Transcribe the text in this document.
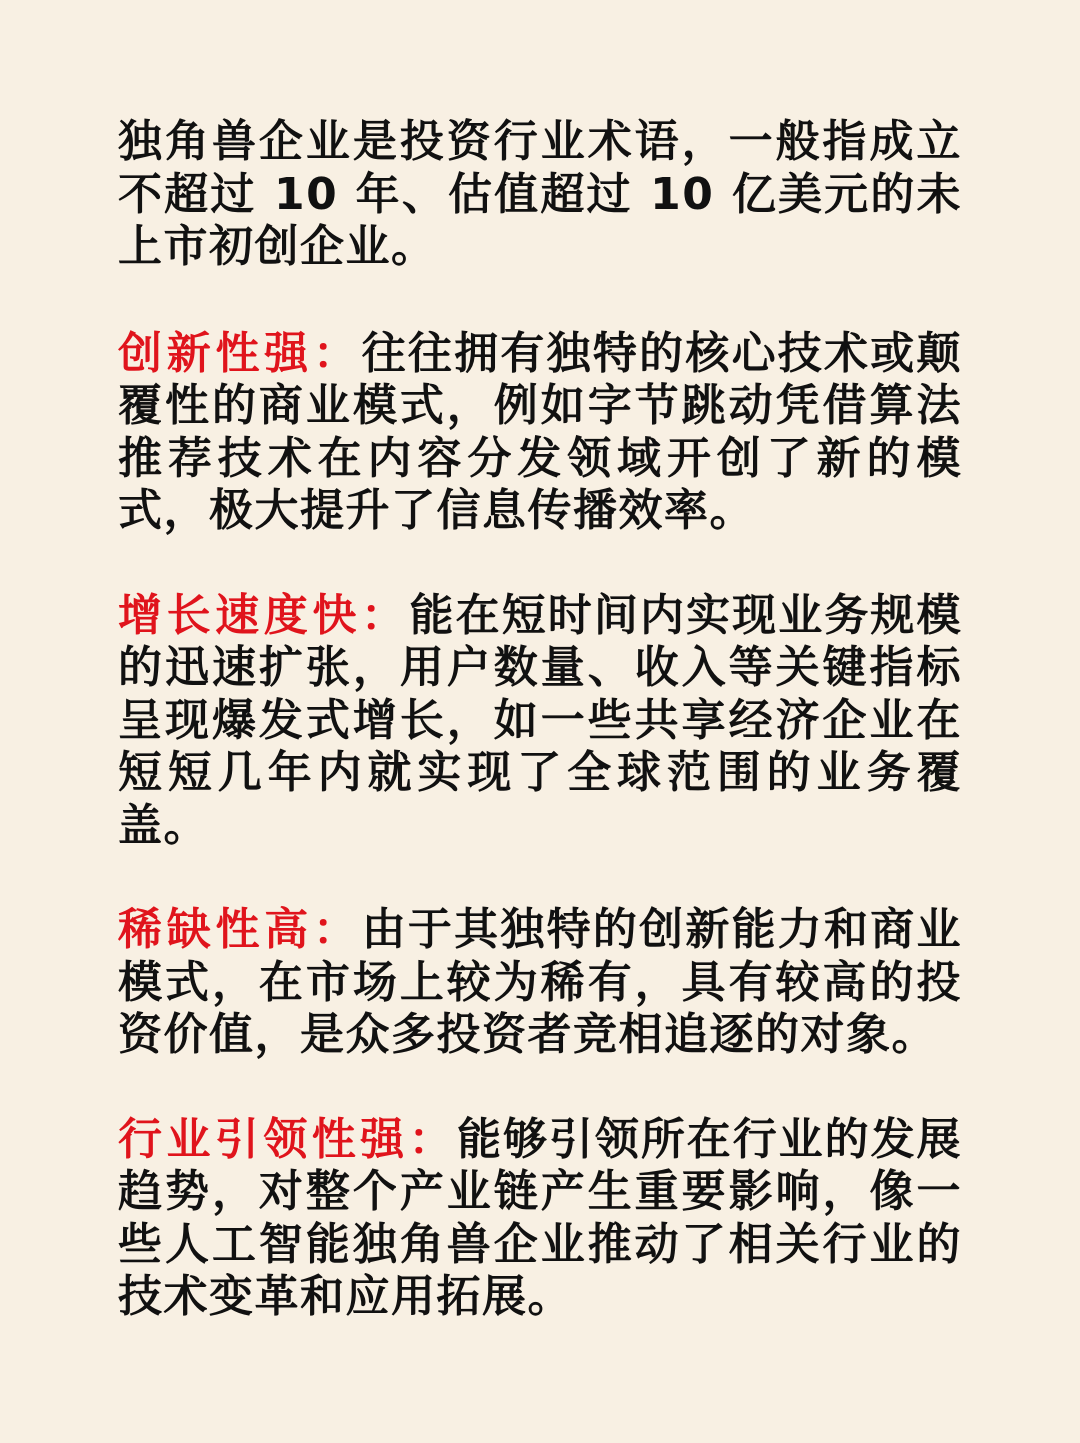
独角兽企业是投资行业术语，一般指成立不超过 10 年、估值超过 10 亿美元的未上市初创企业。

创新性强：往往拥有独特的核心技术或颠覆性的商业模式，例如字节跳动凭借算法推荐技术在内容分发领域开创了新的模式，极大提升了信息传播效率。

增长速度快：能在短时间内实现业务规模的迅速扩张，用户数量、收入等关键指标呈现爆发式增长，如一些共享经济企业在短短几年内就实现了全球范围的业务覆盖。

稀缺性高：由于其独特的创新能力和商业模式，在市场上较为稀有，具有较高的投资价值，是众多投资者竞相追逐的对象。

行业引领性强：能够引领所在行业的发展趋势，对整个产业链产生重要影响，像一些人工智能独角兽企业推动了相关行业的技术变革和应用拓展。
